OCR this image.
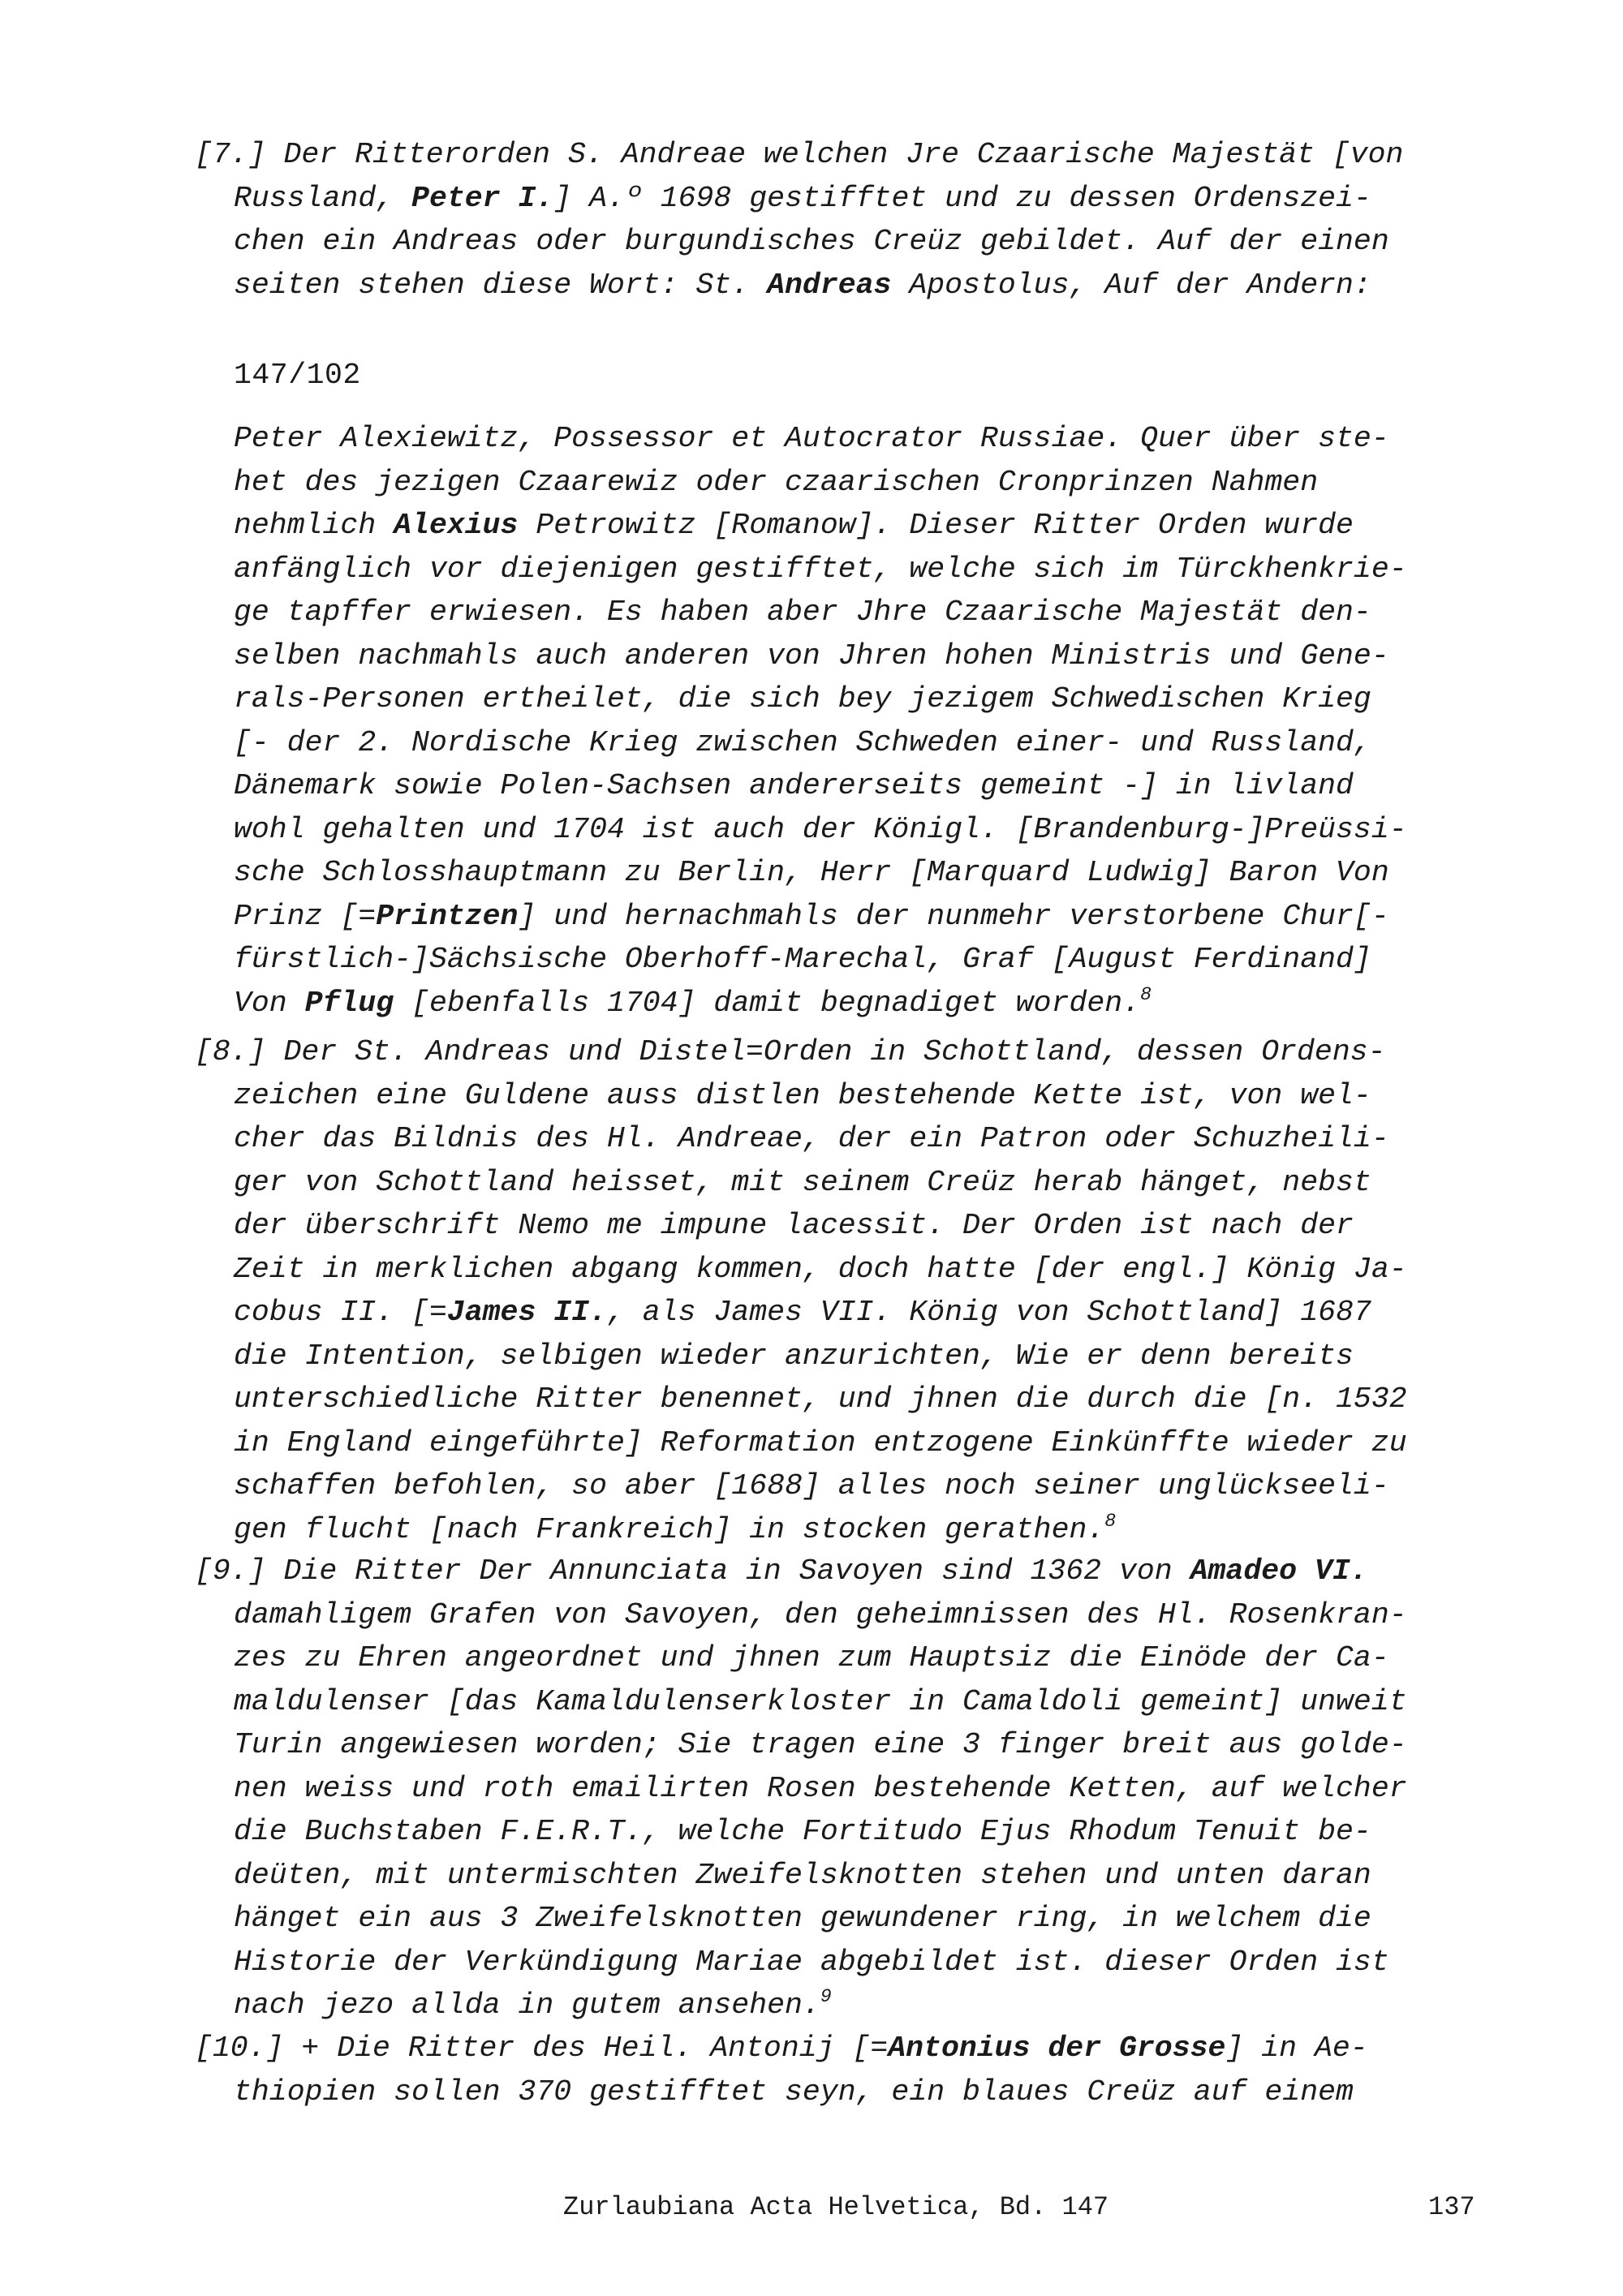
[7.] Der Ritterorden S. Andreae welchen Jre Czaarische Majestät [von
Russland, Peter I.] A.º 1698 gestifftet und zu dessen Ordenszei-
chen ein Andreas oder burgundisches Creüz gebildet. Auf der einen
seiten stehen diese Wort: St. Andreas Apostolus, Auf der Andern:
147/102
Peter Alexiewitz, Possessor et Autocrator Russiae. Quer über ste-
het des jezigen Czaarewiz oder czaarischen Cronprinzen Nahmen
nehmlich Alexius Petrowitz [Romanow]. Dieser Ritter Orden wurde
anfänglich vor diejenigen gestifftet, welche sich im Türckhenkrie-
ge tapffer erwiesen. Es haben aber Jhre Czaarische Majestät den-
selben nachmahls auch anderen von Jhren hohen Ministris und Gene-
rals-Personen ertheilet, die sich bey jezigem Schwedischen Krieg
[- der 2. Nordische Krieg zwischen Schweden einer- und Russland,
Dänemark sowie Polen-Sachsen andererseits gemeint -] in livland
wohl gehalten und 1704 ist auch der Königl. [Brandenburg-]Preüssi-
sche Schlosshauptmann zu Berlin, Herr [Marquard Ludwig] Baron Von
Prinz [=Printzen] und hernachmahls der nunmehr verstorbene Chur[-
fürstlich-]Sächsische Oberhoff-Marechal, Graf [August Ferdinand]
Von Pflug [ebenfalls 1704] damit begnadiget worden.$^8$
[8.] Der St. Andreas und Distel=Orden in Schottland, dessen Ordens-
zeichen eine Guldene auss distlen bestehende Kette ist, von wel-
cher das Bildnis des Hl. Andreae, der ein Patron oder Schuzheili-
ger von Schottland heisset, mit seinem Creüz herab hänget, nebst
der überschrift Nemo me impune lacessit. Der Orden ist nach der
Zeit in merklichen abgang kommen, doch hatte [der engl.] König Ja-
cobus II. [=James II., als James VII. König von Schottland] 1687
die Intention, selbigen wieder anzurichten, Wie er denn bereits
unterschiedliche Ritter benennet, und jhnen die durch die [n. 1532
in England eingeführte] Reformation entzogene Einkünffte wieder zu
schaffen befohlen, so aber [1688] alles noch seiner unglückseeli-
gen flucht [nach Frankreich] in stocken gerathen.$^8$
[9.] Die Ritter Der Annunciata in Savoyen sind 1362 von Amadeo VI.
damahligem Grafen von Savoyen, den geheimnissen des Hl. Rosenkran-
zes zu Ehren angeordnet und jhnen zum Hauptsiz die Einöde der Ca-
maldulenser [das Kamaldulenserkloster in Camaldoli gemeint] unweit
Turin angewiesen worden; Sie tragen eine 3 finger breit aus golde-
nen weiss und roth emailirten Rosen bestehende Ketten, auf welcher
die Buchstaben F.E.R.T., welche Fortitudo Ejus Rhodum Tenuit be-
deüten, mit untermischten Zweifelsknotten stehen und unten daran
hänget ein aus 3 Zweifelsknotten gewundener ring, in welchem die
Historie der Verkündigung Mariae abgebildet ist. dieser Orden ist
nach jezo allda in gutem ansehen.$^9$
[10.] + Die Ritter des Heil. Antonij [=Antonius der Grosse] in Ae-
thiopien sollen 370 gestifftet seyn, ein blaues Creüz auf einem
Zurlaubiana Acta Helvetica, Bd. 147	137
